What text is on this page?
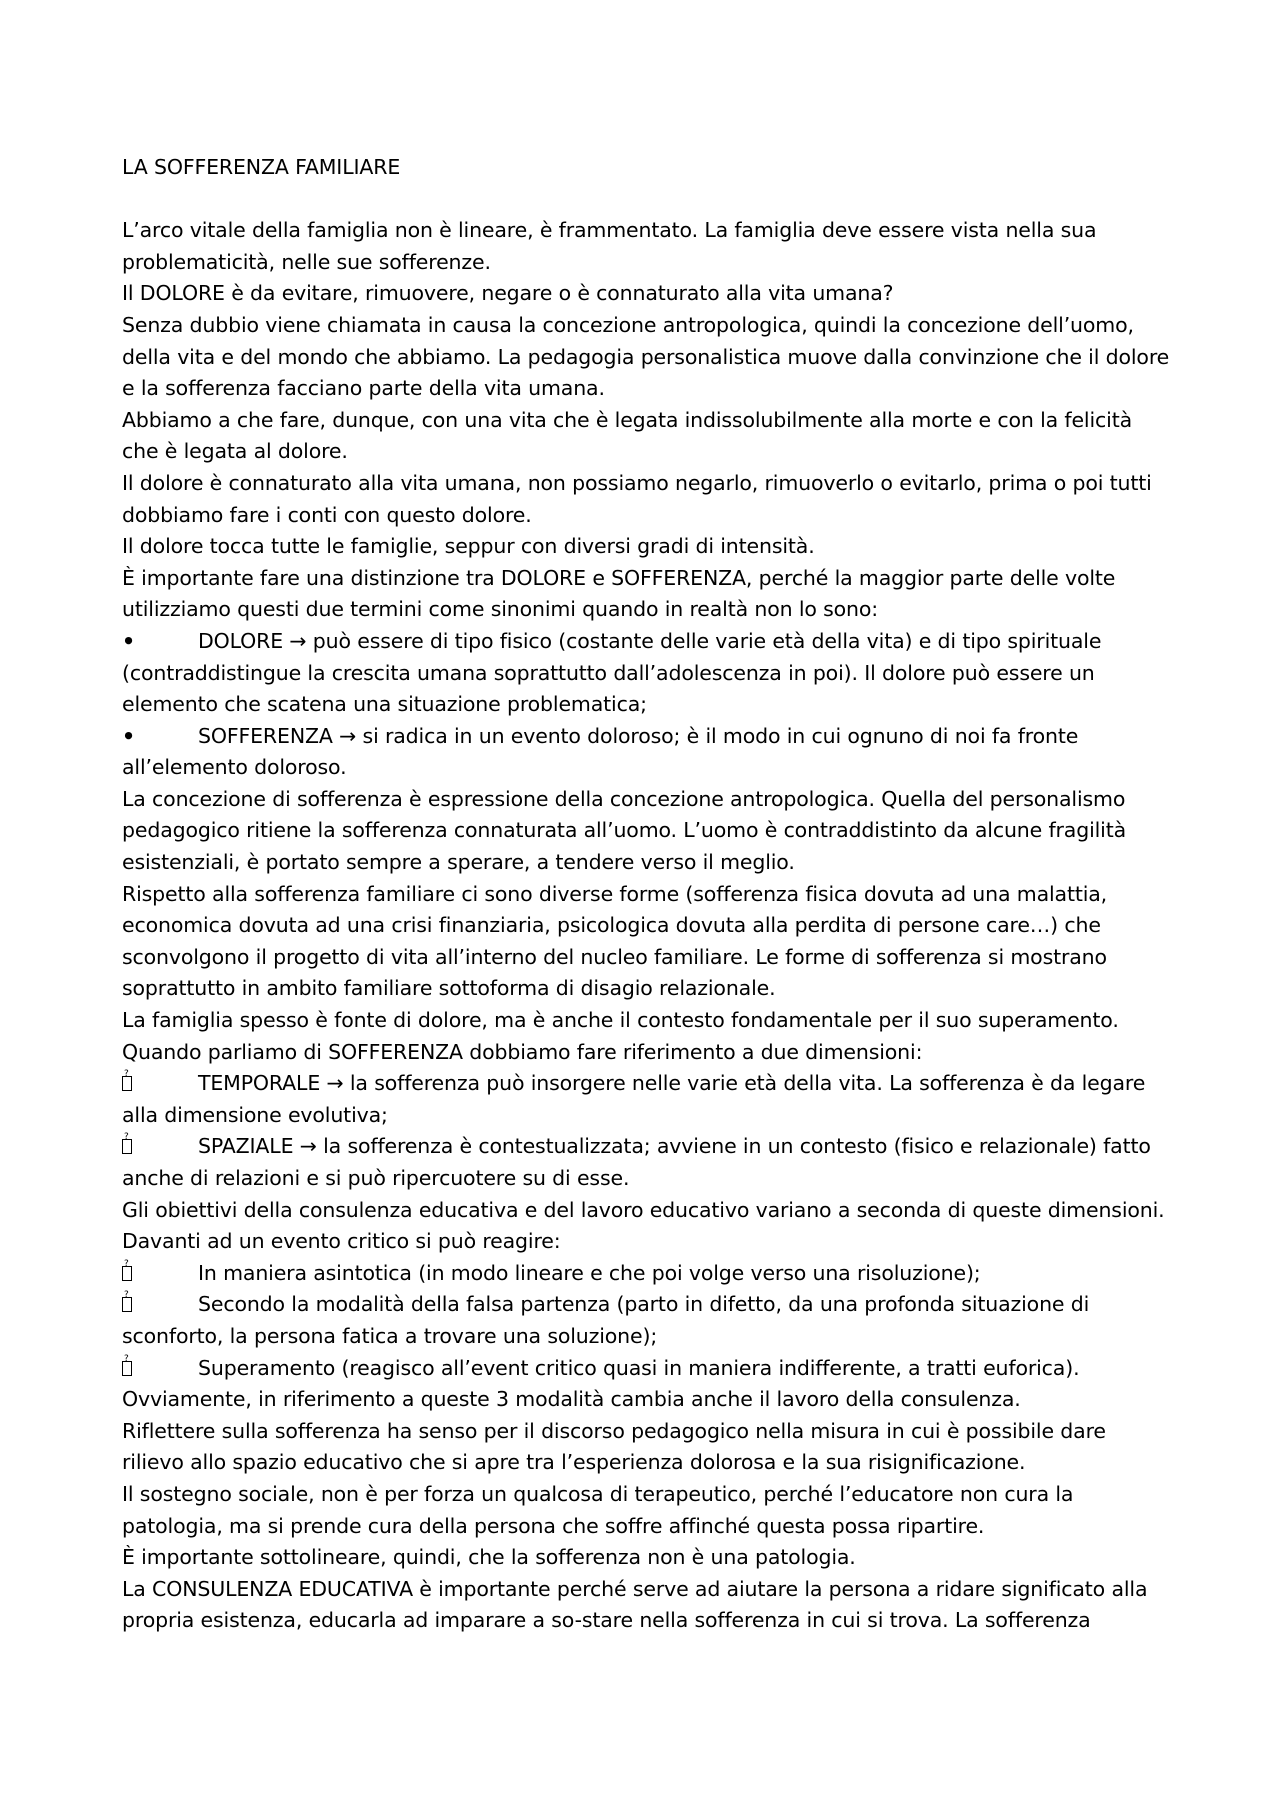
LA SOFFERENZA FAMILIARE

L’arco vitale della famiglia non è lineare, è frammentato. La famiglia deve essere vista nella sua problematicità, nelle sue sofferenze.

Il DOLORE è da evitare, rimuovere, negare o è connaturato alla vita umana?

Senza dubbio viene chiamata in causa la concezione antropologica, quindi la concezione dell’uomo, della vita e del mondo che abbiamo. La pedagogia personalistica muove dalla convinzione che il dolore e la sofferenza facciano parte della vita umana.

Abbiamo a che fare, dunque, con una vita che è legata indissolubilmente alla morte e con la felicità che è legata al dolore.

Il dolore è connaturato alla vita umana, non possiamo negarlo, rimuoverlo o evitarlo, prima o poi tutti dobbiamo fare i conti con questo dolore.

Il dolore tocca tutte le famiglie, seppur con diversi gradi di intensità.

È importante fare una distinzione tra DOLORE e SOFFERENZA, perché la maggior parte delle volte utilizziamo questi due termini come sinonimi quando in realtà non lo sono:

•	DOLORE → può essere di tipo fisico (costante delle varie età della vita) e di tipo spirituale (contraddistingue la crescita umana soprattutto dall’adolescenza in poi). Il dolore può essere un elemento che scatena una situazione problematica;

•	SOFFERENZA → si radica in un evento doloroso; è il modo in cui ognuno di noi fa fronte all’elemento doloroso.

La concezione di sofferenza è espressione della concezione antropologica. Quella del personalismo pedagogico ritiene la sofferenza connaturata all’uomo. L’uomo è contraddistinto da alcune fragilità esistenziali, è portato sempre a sperare, a tendere verso il meglio.

Rispetto alla sofferenza familiare ci sono diverse forme (sofferenza fisica dovuta ad una malattia, economica dovuta ad una crisi finanziaria, psicologica dovuta alla perdita di persone care…) che sconvolgono il progetto di vita all’interno del nucleo familiare. Le forme di sofferenza si mostrano soprattutto in ambito familiare sottoforma di disagio relazionale.

La famiglia spesso è fonte di dolore, ma è anche il contesto fondamentale per il suo superamento.

Quando parliamo di SOFFERENZA dobbiamo fare riferimento a due dimensioni:

?TEMPORALE → la sofferenza può insorgere nelle varie età della vita. La sofferenza è da legare alla dimensione evolutiva;

?SPAZIALE → la sofferenza è contestualizzata; avviene in un contesto (fisico e relazionale) fatto anche di relazioni e si può ripercuotere su di esse.

Gli obiettivi della consulenza educativa e del lavoro educativo variano a seconda di queste dimensioni.

Davanti ad un evento critico si può reagire:

?In maniera asintotica (in modo lineare e che poi volge verso una risoluzione);

?Secondo la modalità della falsa partenza (parto in difetto, da una profonda situazione di sconforto, la persona fatica a trovare una soluzione);

?Superamento (reagisco all’event critico quasi in maniera indifferente, a tratti euforica).

Ovviamente, in riferimento a queste 3 modalità cambia anche il lavoro della consulenza.

Riflettere sulla sofferenza ha senso per il discorso pedagogico nella misura in cui è possibile dare rilievo allo spazio educativo che si apre tra l’esperienza dolorosa e la sua risignificazione.

Il sostegno sociale, non è per forza un qualcosa di terapeutico, perché l’educatore non cura la patologia, ma si prende cura della persona che soffre affinché questa possa ripartire.

È importante sottolineare, quindi, che la sofferenza non è una patologia.

La CONSULENZA EDUCATIVA è importante perché serve ad aiutare la persona a ridare significato alla propria esistenza, educarla ad imparare a so-stare nella sofferenza in cui si trova. La sofferenza
